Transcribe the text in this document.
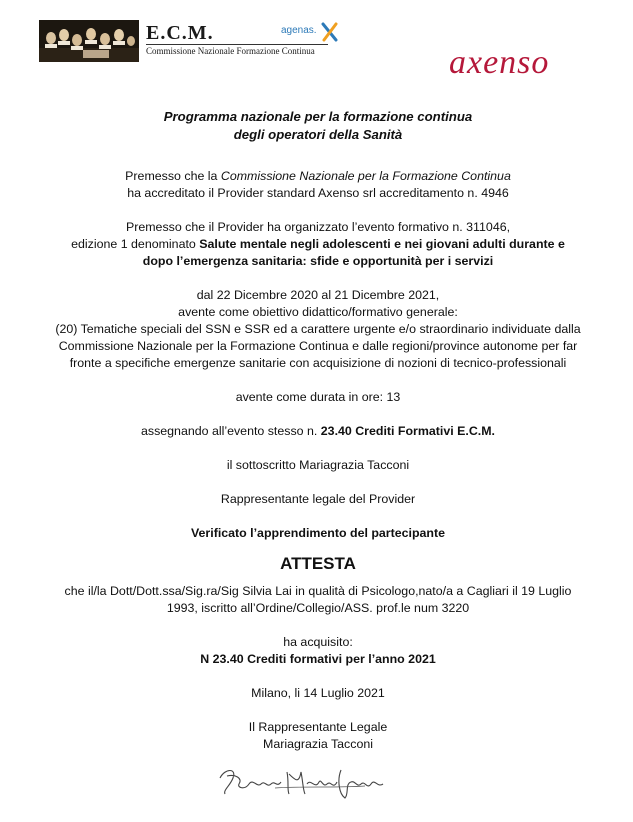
E.C.M.
Commissione Nazionale Formazione Continua
agenas.
axenso

Programma nazionale per la formazione continua

degli operatori della Sanità

Premesso che la Commissione Nazionale per la Formazione Continua

ha accreditato il Provider standard Axenso srl accreditamento n. 4946

Premesso che il Provider ha organizzato l’evento formativo n. 311046,

edizione 1 denominato Salute mentale negli adolescenti e nei giovani adulti durante e

dopo l’emergenza sanitaria: sfide e opportunità per i servizi

dal 22 Dicembre 2020 al 21 Dicembre 2021,

avente come obiettivo didattico/formativo generale:

(20) Tematiche speciali del SSN e SSR ed a carattere urgente e/o straordinario individuate dalla

Commissione Nazionale per la Formazione Continua e dalle regioni/province autonome per far

fronte a specifiche emergenze sanitarie con acquisizione di nozioni di tecnico-professionali

avente come durata in ore: 13

assegnando all’evento stesso n. 23.40 Crediti Formativi E.C.M.

il sottoscritto Mariagrazia Tacconi

Rappresentante legale del Provider

Verificato l’apprendimento del partecipante

ATTESTA

che il/la Dott/Dott.ssa/Sig.ra/Sig Silvia Lai in qualità di Psicologo,nato/a a Cagliari il 19 Luglio

1993, iscritto all’Ordine/Collegio/ASS. prof.le num 3220

ha acquisito:

N 23.40 Crediti formativi per l’anno 2021

Milano, li 14 Luglio 2021

Il Rappresentante Legale

Mariagrazia Tacconi
